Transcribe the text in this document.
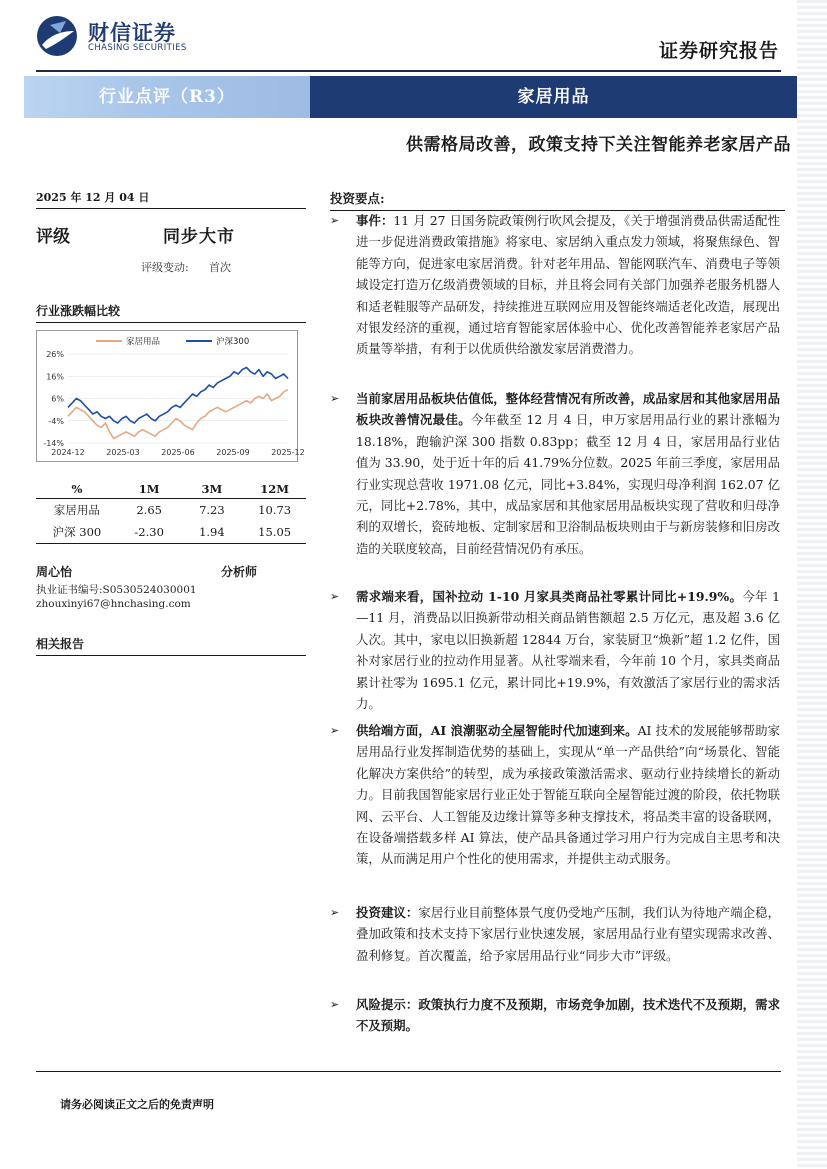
财信证券
CHASING SECURITIES	证券研究报告
行业点评（R3）	家居用品
供需格局改善，政策支持下关注智能养老家居产品
2025 年 12 月 04 日
评级	同步大市
评级变动: 首次
行业涨跌幅比较
家居用品	沪深300
26%
16%
6%
-4%
-14%
2024-12	2025-03	2025-06	2025-09	2025-12
%	1M	3M	12M
家居用品	2.65	7.23	10.73
沪深 300	-2.30	1.94	15.05
周心怡	分析师
执业证书编号:S0530524030001
zhouxinyi67@hnchasing.com
相关报告
投资要点:
➢ 事件：11 月 27 日国务院政策例行吹风会提及，《关于增强消费品供需适配性进一步促进消费政策措施》将家电、家居纳入重点发力领域，将聚焦绿色、智能等方向，促进家电家居消费。针对老年用品、智能网联汽车、消费电子等领域设定打造万亿级消费领域的目标，并且将会同有关部门加强养老服务机器人和适老鞋服等产品研发，持续推进互联网应用及智能终端适老化改造，展现出对银发经济的重视，通过培育智能家居体验中心、优化改善智能养老家居产品质量等举措，有利于以优质供给激发家居消费潜力。
➢ 当前家居用品板块估值低，整体经营情况有所改善，成品家居和其他家居用品板块改善情况最佳。今年截至 12 月 4 日，申万家居用品行业的累计涨幅为 18.18%，跑输沪深 300 指数 0.83pp；截至 12 月 4 日，家居用品行业估值为 33.90，处于近十年的后 41.79%分位数。2025 年前三季度，家居用品行业实现总营收 1971.08 亿元，同比+3.84%，实现归母净利润 162.07 亿元，同比+2.78%，其中，成品家居和其他家居用品板块实现了营收和归母净利的双增长，瓷砖地板、定制家居和卫浴制品板块则由于与新房装修和旧房改造的关联度较高，目前经营情况仍有承压。
➢ 需求端来看，国补拉动 1-10 月家具类商品社零累计同比+19.9%。今年 1—11 月，消费品以旧换新带动相关商品销售额超 2.5 万亿元，惠及超 3.6 亿人次。其中，家电以旧换新超 12844 万台，家装厨卫“焕新”超 1.2 亿件，国补对家居行业的拉动作用显著。从社零端来看，今年前 10 个月，家具类商品累计社零为 1695.1 亿元，累计同比+19.9%，有效激活了家居行业的需求活力。
➢ 供给端方面，AI 浪潮驱动全屋智能时代加速到来。AI 技术的发展能够帮助家居用品行业发挥制造优势的基础上，实现从“单一产品供给”向“场景化、智能化解决方案供给”的转型，成为承接政策激活需求、驱动行业持续增长的新动力。目前我国智能家居行业正处于智能互联向全屋智能过渡的阶段，依托物联网、云平台、人工智能及边缘计算等多种支撑技术，将品类丰富的设备联网，在设备端搭载多样 AI 算法，使产品具备通过学习用户行为完成自主思考和决策，从而满足用户个性化的使用需求，并提供主动式服务。
➢ 投资建议：家居行业目前整体景气度仍受地产压制，我们认为待地产端企稳，叠加政策和技术支持下家居行业快速发展，家居用品行业有望实现需求改善、盈利修复。首次覆盖，给予家居用品行业“同步大市”评级。
➢ 风险提示：政策执行力度不及预期，市场竞争加剧，技术迭代不及预期，需求不及预期。
请务必阅读正文之后的免责声明
